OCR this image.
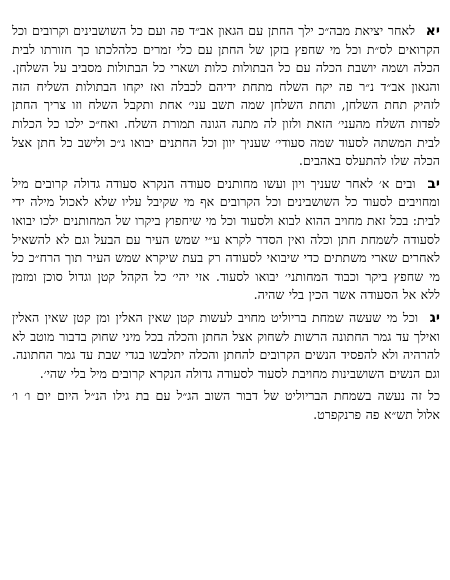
יא לאחר יציאת מבה״כ ילך החתן עם הגאון אב״ד פה ועם כל השושבינים וקרובים וכל הקרואים לס״ת וכל מי שחפץ בזקן של החתן עם כלי זמרים כלהלכתו כך חזורתו לבית הכלה ושמה יושבת הכלה עם כל הבתולות כלות ושארי כל הבתולות מסביב על השלחן. והגאון אב״ד נ״ר פה יקח השלח מתחת ידיהם לכבלה ואז יקחו הבתולות השליח הזה לזהיק תחת השלחן, ותחת השלחן שמה תשב עני׳ אחת ותקבל השלח וזו צריך החתן לפדות השלח מהעני׳ הזאת ולזון לה מתנה הגונה תמורת השלח. ואח״כ ילכו כל הכלות לבית המשתה לסעוד שמה סעודי׳ שעניך יוון וכל החתנים יבואו ג״כ ולישב כל חתן אצל הכלה שלו להתעלס באהבים.

יב ובים א׳ לאחר שעניך ויון ועשו מחותנים סעודה הנקרא סעודה גדולה קרובים מיל ומחויבים לסעוד כל השושבינים וכל הקרובים אף מי שקיבל עליו שלא לאכול מילה ידי לבית: בכל זאת מחויב ההוא לבוא ולסעוד וכל מי שיחפוץ ביקרו של המחותנים ילכו יבואו לסעודה לשמחת חתן וכלה ואין הסדר לקרא ע״י שמש העיר עם הבעל וגם לא להשאיל לאחרים שארי משתתים כדי שיבואי לסעודה רק בעת שיקרא שמש העיר תוך הרח״כ כל מי שחפץ ביקר וכבוד המחותני׳ יבואו לסעוד. אזי יהי׳ כל הקהל קטן וגדול סוכן ומזמן ללא אל הסעודה אשר הכין בלי שהיה.

יג וכל מי שעשה שמחת בריוליט מחויב לעשות קטן שאין האלין ומן קטן שאין האלין ואילך עד גמר החתונה הרשות לשחוק אצל החתן והכלה בכל מיני שחוק בדבור מוטב לא להרהיה ולא להפסיד הנשים הקרובים להחתן והכלה יתלבשו בגדי שבת עד גמר החתונה. וגם הנשים השושבינות מחויבת לסעוד לסעודה גדולה הנקרא קרובים מיל בלי שהי׳.

כל זה נעשה בשמחת הבריוליט של דבור השוב הג״ל עם בת גילו הנ״ל היום יום ו׳ ו׳ אלול תש״א פה פרנקפרט.
